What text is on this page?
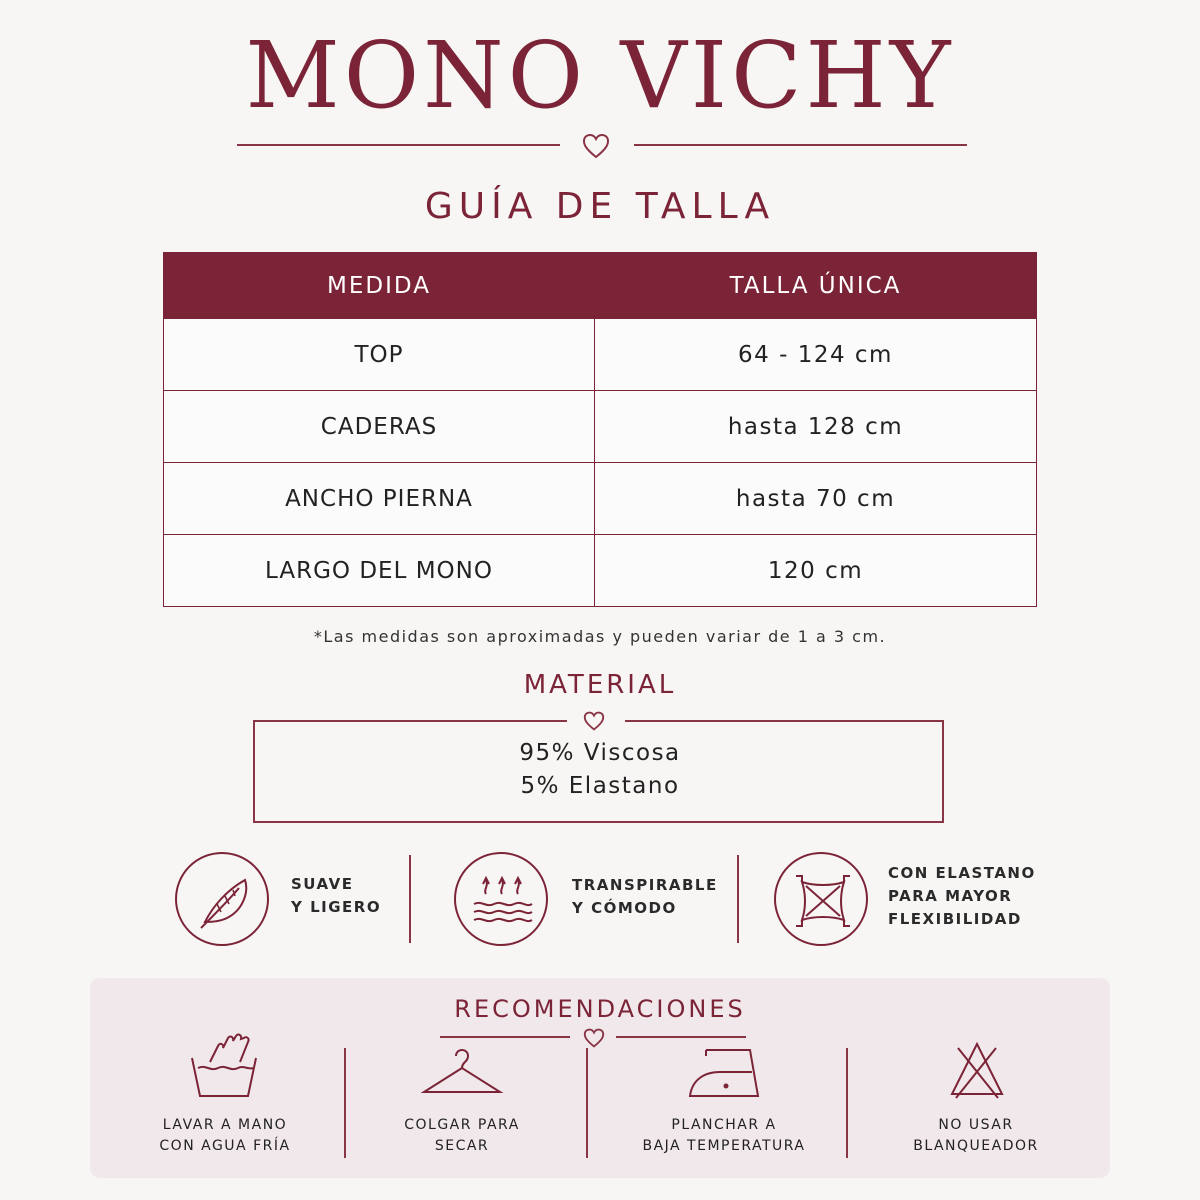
MONO VICHY
GUÍA DE TALLA
MEDIDA	TALLA ÚNICA
TOP	64 - 124 cm
CADERAS	hasta 128 cm
ANCHO PIERNA	hasta 70 cm
LARGO DEL MONO	120 cm
*Las medidas son aproximadas y pueden variar de 1 a 3 cm.
MATERIAL
95% Viscosa
5% Elastano
SUAVE
Y LIGERO
TRANSPIRABLE
Y CÓMODO
CON ELASTANO
PARA MAYOR
FLEXIBILIDAD
RECOMENDACIONES
LAVAR A MANO
CON AGUA FRÍA
COLGAR PARA
SECAR
PLANCHAR A
BAJA TEMPERATURA
NO USAR
BLANQUEADOR
